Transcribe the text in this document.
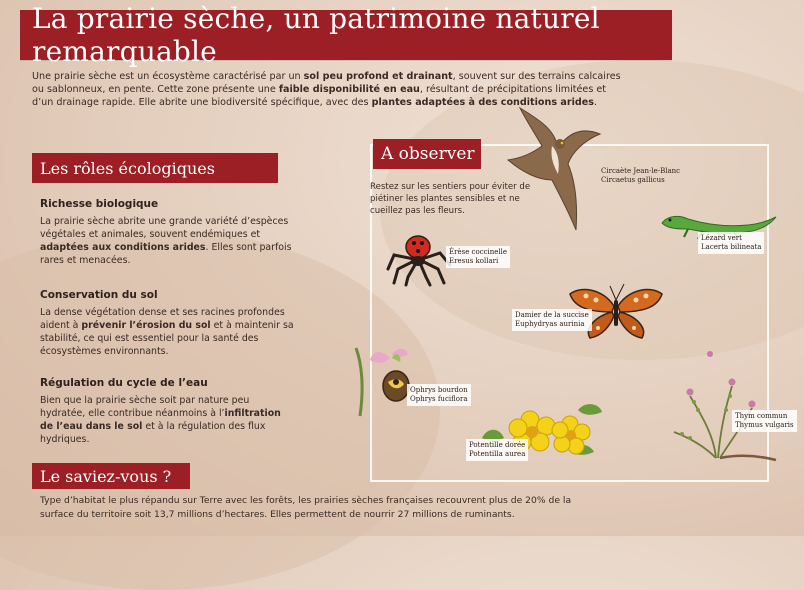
La prairie sèche, un patrimoine naturel remarquable
Une prairie sèche est un écosystème caractérisé par un sol peu profond et drainant, souvent sur des terrains calcaires ou sablonneux, en pente. Cette zone présente une faible disponibilité en eau, résultant de précipitations limitées et d’un drainage rapide. Elle abrite une biodiversité spécifique, avec des plantes adaptées à des conditions arides.
Les rôles écologiques
Richesse biologique
La prairie sèche abrite une grande variété d’espèces végétales et animales, souvent endémiques et adaptées aux conditions arides. Elles sont parfois rares et menacées.
Conservation du sol
La dense végétation dense et ses racines profondes aident à prévenir l’érosion du sol et à maintenir sa stabilité, ce qui est essentiel pour la santé des écosystèmes environnants.
Régulation du cycle de l’eau
Bien que la prairie sèche soit par nature peu hydratée, elle contribue néanmoins à l’infiltration de l’eau dans le sol et à la régulation des flux hydriques.
Le saviez-vous ?
Type d’habitat le plus répandu sur Terre avec les forêts, les prairies sèches françaises recouvrent plus de 20% de la surface du territoire soit 13,7 millions d’hectares. Elles permettent de nourrir 27 millions de ruminants.
A observer
Restez sur les sentiers pour éviter de piétiner les plantes sensibles et ne cueillez pas les fleurs.
Circaète Jean-le-Blanc
Circaetus gallicus
Lézard vert
Lacerta bilineata
Érèse coccinelle
Eresus kollari
Damier de la succise
Euphydryas aurinia
Ophrys bourdon
Ophrys fuciflora
Potentille dorée
Potentilla aurea
Thym commun
Thymus vulgaris
